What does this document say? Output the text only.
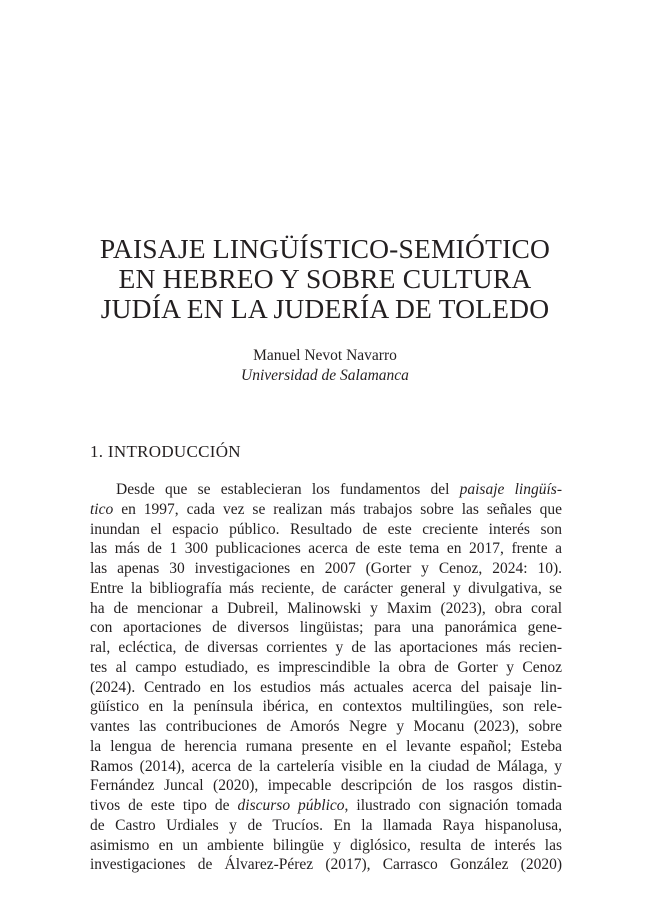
PAISAJE LINGÜÍSTICO-SEMIÓTICO
EN HEBREO Y SOBRE CULTURA
JUDÍA EN LA JUDERÍA DE TOLEDO
Manuel Nevot Navarro
Universidad de Salamanca
1. INTRODUCCIÓN
Desde que se establecieran los fundamentos del paisaje lingüís-
tico en 1997, cada vez se realizan más trabajos sobre las señales que
inundan el espacio público. Resultado de este creciente interés son
las más de 1 300 publicaciones acerca de este tema en 2017, frente a
las apenas 30 investigaciones en 2007 (Gorter y Cenoz, 2024: 10).
Entre la bibliografía más reciente, de carácter general y divulgativa, se
ha de mencionar a Dubreil, Malinowski y Maxim (2023), obra coral
con aportaciones de diversos lingüistas; para una panorámica gene-
ral, ecléctica, de diversas corrientes y de las aportaciones más recien-
tes al campo estudiado, es imprescindible la obra de Gorter y Cenoz
(2024). Centrado en los estudios más actuales acerca del paisaje lin-
güístico en la península ibérica, en contextos multilingües, son rele-
vantes las contribuciones de Amorós Negre y Mocanu (2023), sobre
la lengua de herencia rumana presente en el levante español; Esteba
Ramos (2014), acerca de la cartelería visible en la ciudad de Málaga, y
Fernández Juncal (2020), impecable descripción de los rasgos distin-
tivos de este tipo de discurso público, ilustrado con signación tomada
de Castro Urdiales y de Trucíos. En la llamada Raya hispanolusa,
asimismo en un ambiente bilingüe y diglósico, resulta de interés las
investigaciones de Álvarez-Pérez (2017), Carrasco González (2020)
